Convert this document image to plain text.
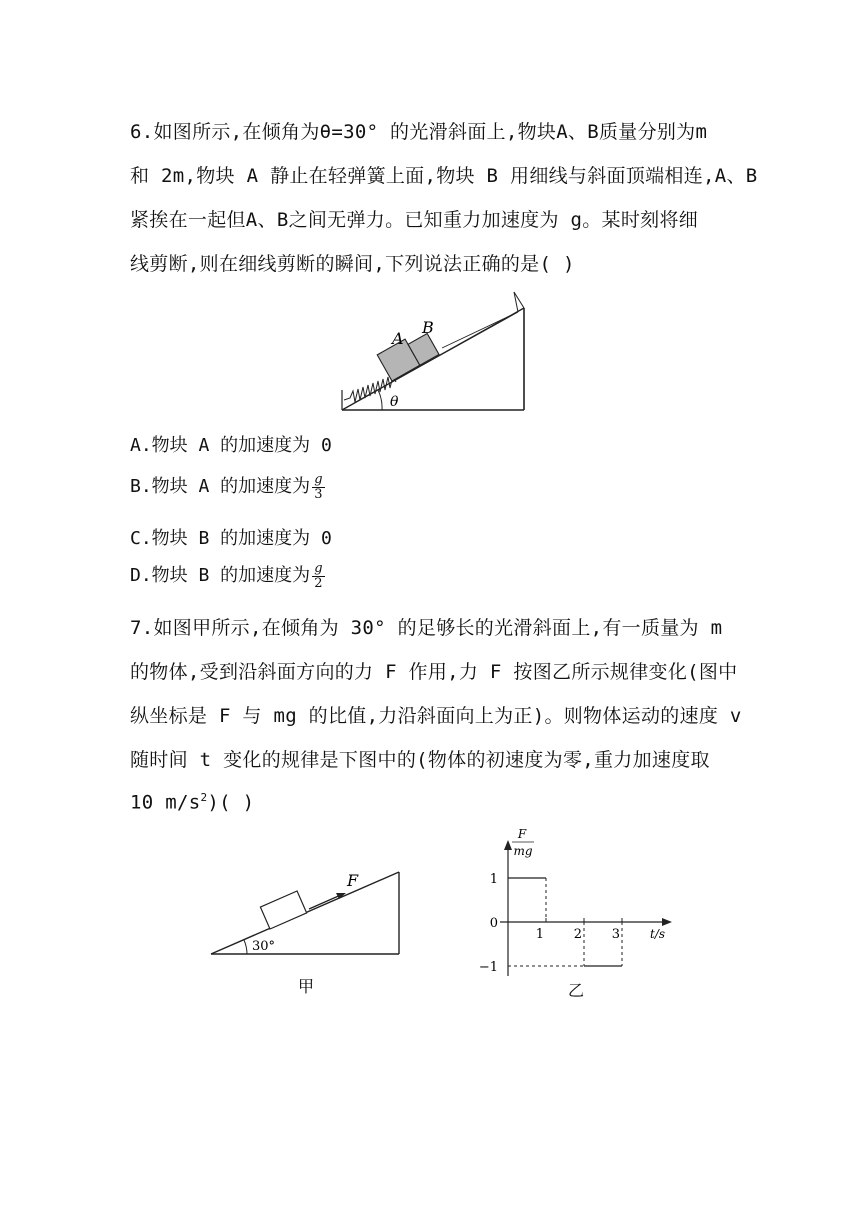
6.如图所示,在倾角为θ=30° 的光滑斜面上,物块A、B质量分别为m
和 2m,物块 A 静止在轻弹簧上面,物块 B 用细线与斜面顶端相连,A、B
紧挨在一起但A、B之间无弹力。已知重力加速度为 g。某时刻将细
线剪断,则在细线剪断的瞬间,下列说法正确的是( )
A
B
θ
A.物块 A 的加速度为 0
B.物块 A 的加速度为 $\frac{g}{3}$
C.物块 B 的加速度为 0
D.物块 B 的加速度为 $\frac{g}{2}$
7.如图甲所示,在倾角为 30° 的足够长的光滑斜面上,有一质量为 m
的物体,受到沿斜面方向的力 F 作用,力 F 按图乙所示规律变化(图中
纵坐标是 F 与 mg 的比值,力沿斜面向上为正)。则物体运动的速度 v
随时间 t 变化的规律是下图中的(物体的初速度为零,重力加速度取
10 $m/s^2$)( )
F
30°
甲
F
mg
t/s
1
0
−1
1 2 3
乙
